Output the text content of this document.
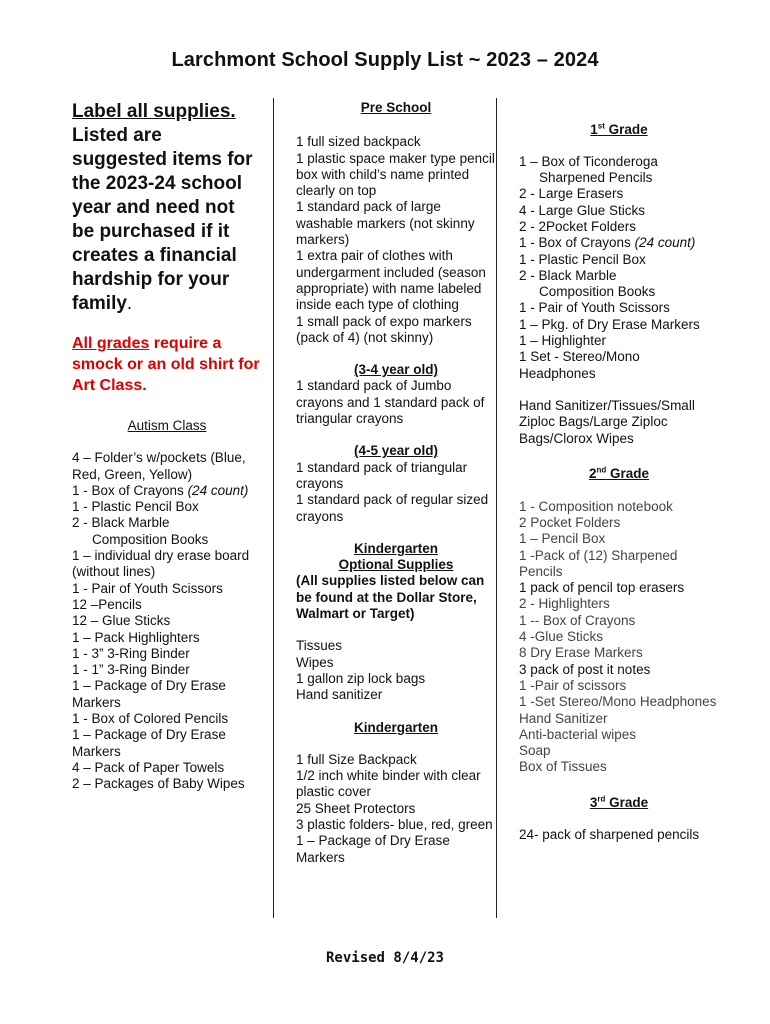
Larchmont School Supply List ~ 2023 – 2024
Label all supplies.
Listed are suggested items for the 2023-24 school year and need not be purchased if it creates a financial hardship for your family.
All grades require a smock or an old shirt for Art Class.
Autism Class
4 – Folder’s w/pockets (Blue, Red, Green, Yellow)
1 - Box of Crayons (24 count)
1 - Plastic Pencil Box
2 - Black Marble
Composition Books
1 – individual dry erase board (without lines)
1 - Pair of Youth Scissors
12 –Pencils
12 – Glue Sticks
1 – Pack Highlighters
1 - 3” 3-Ring Binder
1 - 1” 3-Ring Binder
1 – Package of Dry Erase Markers
1 - Box of Colored Pencils
1 – Package of Dry Erase Markers
4 – Pack of Paper Towels
2 – Packages of Baby Wipes
Pre School
1 full sized backpack
1 plastic space maker type pencil box with child’s name printed clearly on top
1 standard pack of large washable markers (not skinny markers)
1 extra pair of clothes with undergarment included (season appropriate) with name labeled inside each type of clothing
1 small pack of expo markers (pack of 4) (not skinny)
(3-4 year old)
1 standard pack of Jumbo crayons and 1 standard pack of triangular crayons
(4-5 year old)
1 standard pack of triangular crayons
1 standard pack of regular sized crayons
Kindergarten
Optional Supplies
(All supplies listed below can be found at the Dollar Store, Walmart or Target)
Tissues
Wipes
1 gallon zip lock bags
Hand sanitizer
Kindergarten
1 full Size Backpack
1/2 inch white binder with clear plastic cover
25 Sheet Protectors
3 plastic folders- blue, red, green
1 – Package of Dry Erase Markers
1st Grade
1 – Box of Ticonderoga
Sharpened Pencils
2 - Large Erasers
4 - Large Glue Sticks
2 - 2Pocket Folders
1 - Box of Crayons (24 count)
1 - Plastic Pencil Box
2 - Black Marble
Composition Books
1 - Pair of Youth Scissors
1 – Pkg. of Dry Erase Markers
1 – Highlighter
1 Set - Stereo/Mono Headphones
Hand Sanitizer/Tissues/Small Ziploc Bags/Large Ziploc Bags/Clorox Wipes
2nd Grade
1 - Composition notebook
2 Pocket Folders
1 – Pencil Box
1 -Pack of (12) Sharpened Pencils
1 pack of pencil top erasers
2 - Highlighters
1 -- Box of Crayons
4 -Glue Sticks
8 Dry Erase Markers
3 pack of post it notes
1 -Pair of scissors
1 -Set Stereo/Mono Headphones
Hand Sanitizer
Anti-bacterial wipes
Soap
Box of Tissues
3rd Grade
24- pack of sharpened pencils
Revised 8/4/23
